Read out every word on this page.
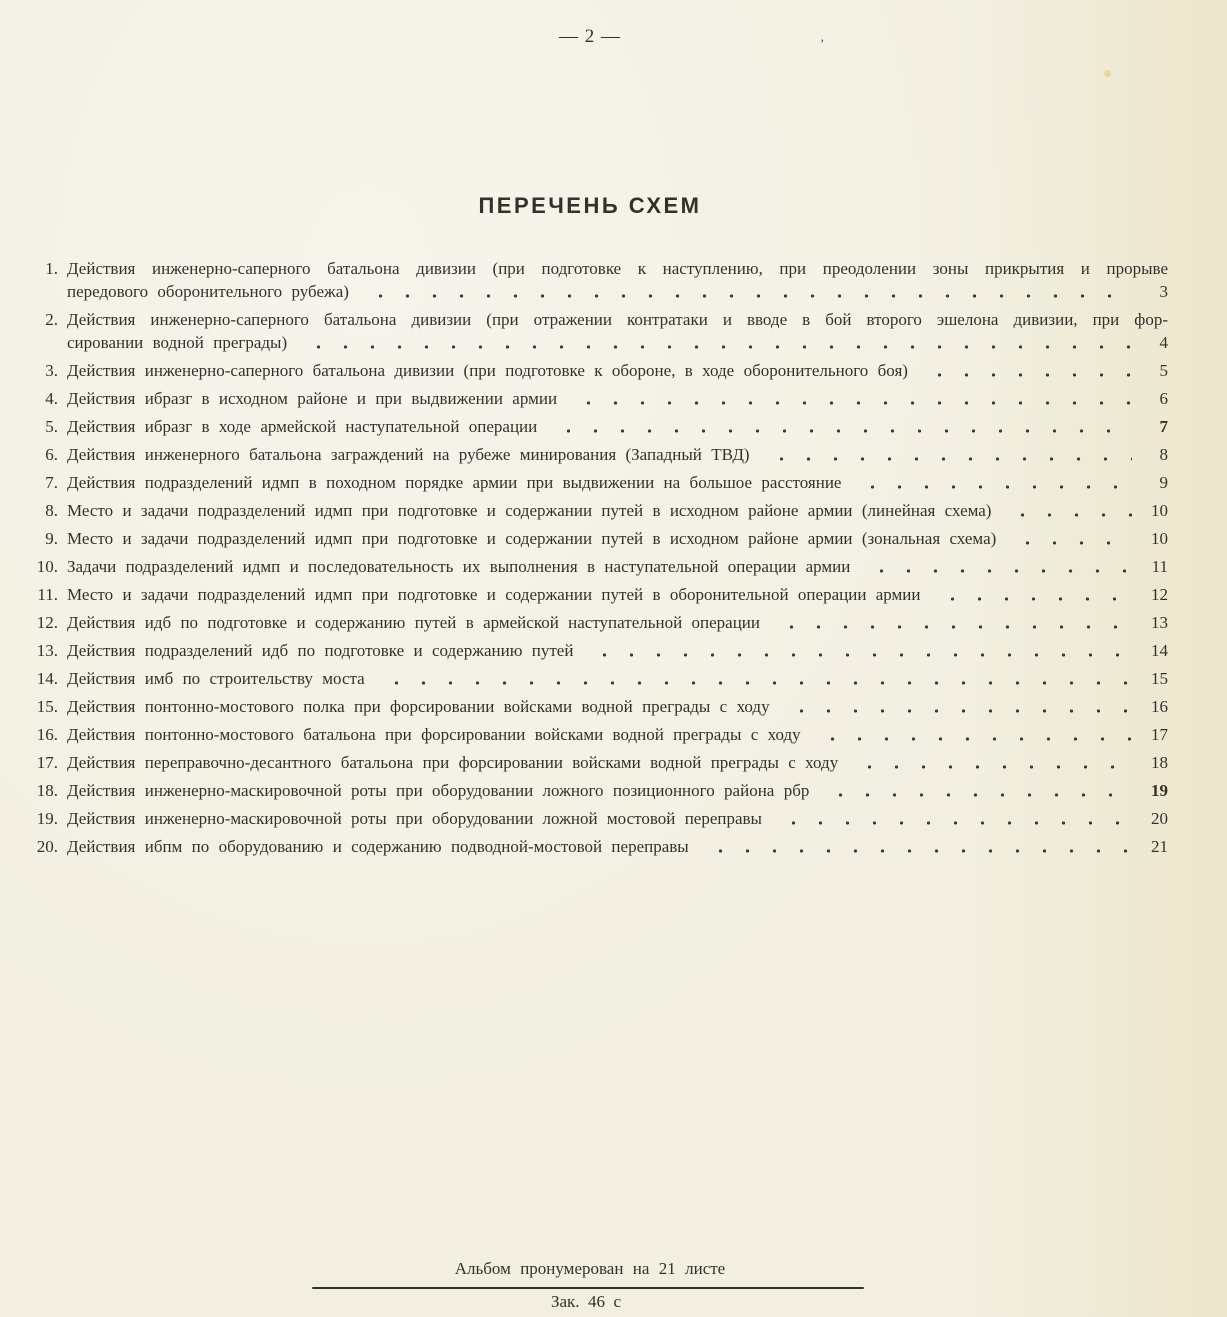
— 2 —	’
ПЕРЕЧЕНЬ СХЕМ
1. Действия инженерно-саперного батальона дивизии (при подготовке к наступлению, при преодолении зоны прикрытия и прорыве
передового оборонительного рубежа)	3
2. Действия инженерно-саперного батальона дивизии (при отражении контратаки и вводе в бой второго эшелона дивизии, при фор-
сировании водной преграды)	4
3. Действия инженерно-саперного батальона дивизии (при подготовке к обороне, в ходе оборонительного боя)	5
4. Действия ибразг в исходном районе и при выдвижении армии	6
5. Действия ибразг в ходе армейской наступательной операции	7
6. Действия инженерного батальона заграждений на рубеже минирования (Западный ТВД)	8
7. Действия подразделений идмп в походном порядке армии при выдвижении на большое расстояние	9
8. Место и задачи подразделений идмп при подготовке и содержании путей в исходном районе армии (линейная схема)	10
9. Место и задачи подразделений идмп при подготовке и содержании путей в исходном районе армии (зональная схема)	10
10. Задачи подразделений идмп и последовательность их выполнения в наступательной операции армии	11
11. Место и задачи подразделений идмп при подготовке и содержании путей в оборонительной операции армии	12
12. Действия идб по подготовке и содержанию путей в армейской наступательной операции	13
13. Действия подразделений идб по подготовке и содержанию путей	14
14. Действия имб по строительству моста	15
15. Действия понтонно-мостового полка при форсировании войсками водной преграды с ходу	16
16. Действия понтонно-мостового батальона при форсировании войсками водной преграды с ходу	17
17. Действия переправочно-десантного батальона при форсировании войсками водной преграды с ходу	18
18. Действия инженерно-маскировочной роты при оборудовании ложного позиционного района рбр	19
19. Действия инженерно-маскировочной роты при оборудовании ложной мостовой переправы	20
20. Действия ибпм по оборудованию и содержанию подводной-мостовой переправы	21
Альбом пронумерован на 21 листе
Зак. 46 с
